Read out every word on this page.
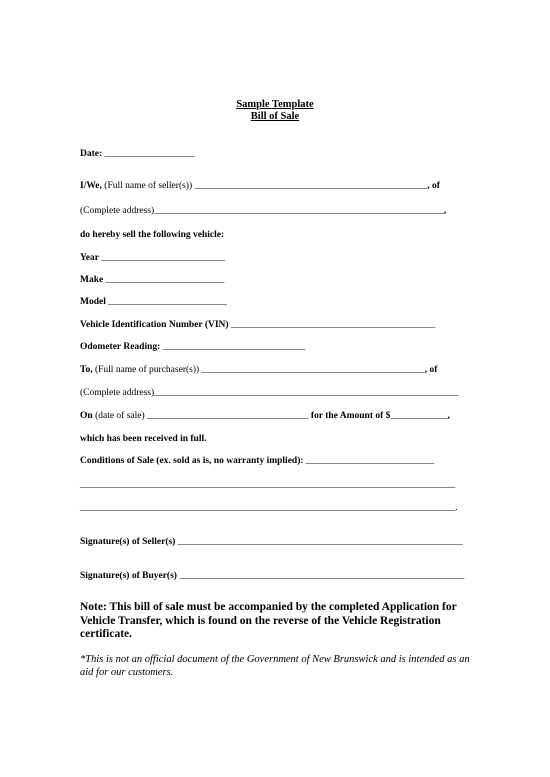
Sample Template
Bill of Sale
Date: ___________________
I/We, (Full name of seller(s)) _________________________________________________, of
(Complete address)_____________________________________________________________,
do hereby sell the following vehicle:
Year __________________________
Make _________________________
Model _________________________
Vehicle Identification Number (VIN) ___________________________________________
Odometer Reading: ______________________________
To, (Full name of purchaser(s)) _______________________________________________, of
(Complete address)________________________________________________________________
On (date of sale) __________________________________ for the Amount of $____________,
which has been received in full.
Conditions of Sale (ex. sold as is, no warranty implied): ___________________________
_______________________________________________________________________________
_______________________________________________________________________________.
Signature(s) of Seller(s) ____________________________________________________________
Signature(s) of Buyer(s) ____________________________________________________________
Note: This bill of sale must be accompanied by the completed Application for Vehicle Transfer, which is found on the reverse of the Vehicle Registration certificate.
*This is not an official document of the Government of New Brunswick and is intended as an aid for our customers.
